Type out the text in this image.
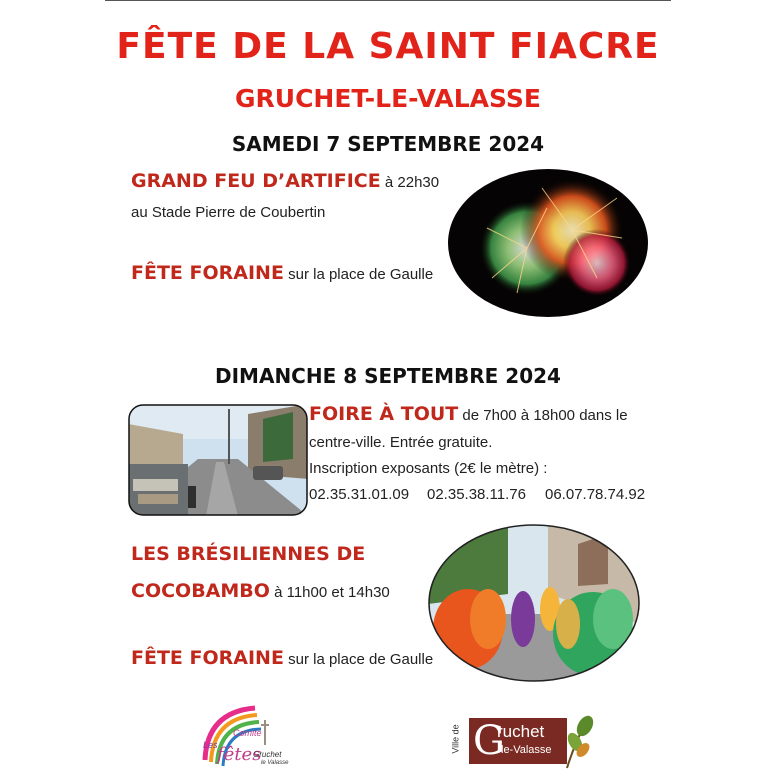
FÊTE DE LA SAINT FIACRE
GRUCHET-LE-VALASSE
SAMEDI 7 SEPTEMBRE 2024
GRAND FEU D’ARTIFICE à 22h30
au Stade Pierre de Coubertin
FÊTE FORAINE sur la place de Gaulle
DIMANCHE 8 SEPTEMBRE 2024
FOIRE À TOUT de 7h00 à 18h00 dans le
centre-ville. Entrée gratuite.
Inscription exposants (2€ le mètre) :
02.35.31.01.09 02.35.38.11.76 06.07.78.74.92
LES BRÉSILIENNES DE
COCOBAMBO à 11h00 et 14h30
FÊTE FORAINE sur la place de Gaulle
Comité
Les fêtes
Gruchet
le Valasse
Ville de G
ruchet
le-Valasse
